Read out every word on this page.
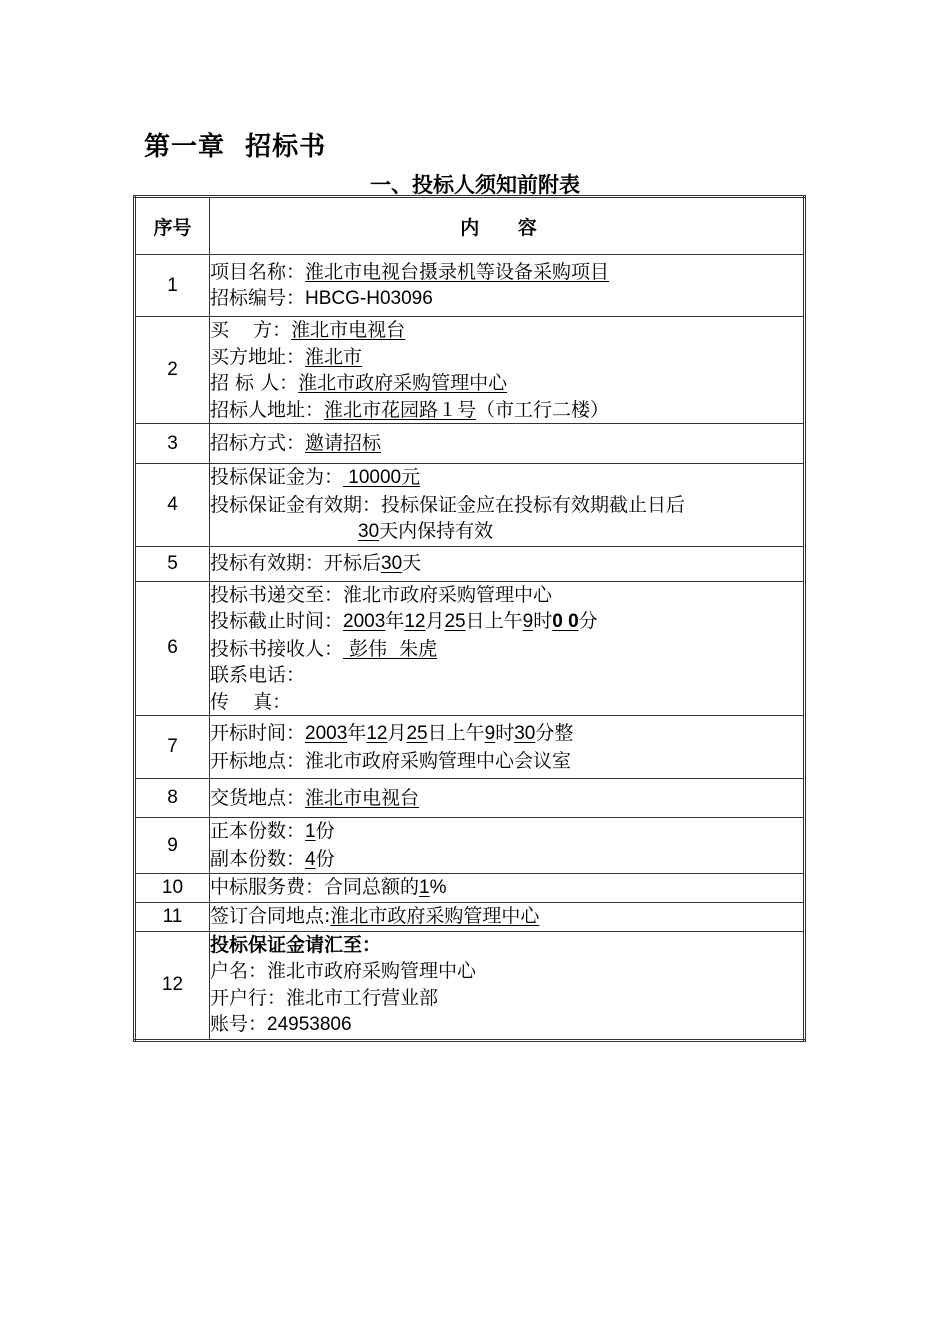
第一章  招标书
一、投标人须知前附表
序号	内 容
1	项目名称：淮北市电视台摄录机等设备采购项目
招标编号：HBCG-H03096

2	买    方：淮北市电视台
买方地址：淮北市
招 标 人：淮北市政府采购管理中心
招标人地址：淮北市花园路１号（市工行二楼）

3	招标方式：邀请招标

4	投标保证金为： 10000元
投标保证金有效期：投标保证金应在投标有效期截止日后
30天内保持有效

5	投标有效期：开标后30天

6	投标书递交至：淮北市政府采购管理中心
投标截止时间：2003年12月25日上午9时0 0分
投标书接收人： 彭伟  朱虎
联系电话：
传    真：

7	开标时间：2003年12月25日上午9时30分整
开标地点：淮北市政府采购管理中心会议室

8	交货地点：淮北市电视台

9	正本份数：1份
副本份数：4份

10	中标服务费：合同总额的1%

11	签订合同地点:淮北市政府采购管理中心

12	投标保证金请汇至：
户名：淮北市政府采购管理中心
开户行：淮北市工行营业部
账号：24953806
